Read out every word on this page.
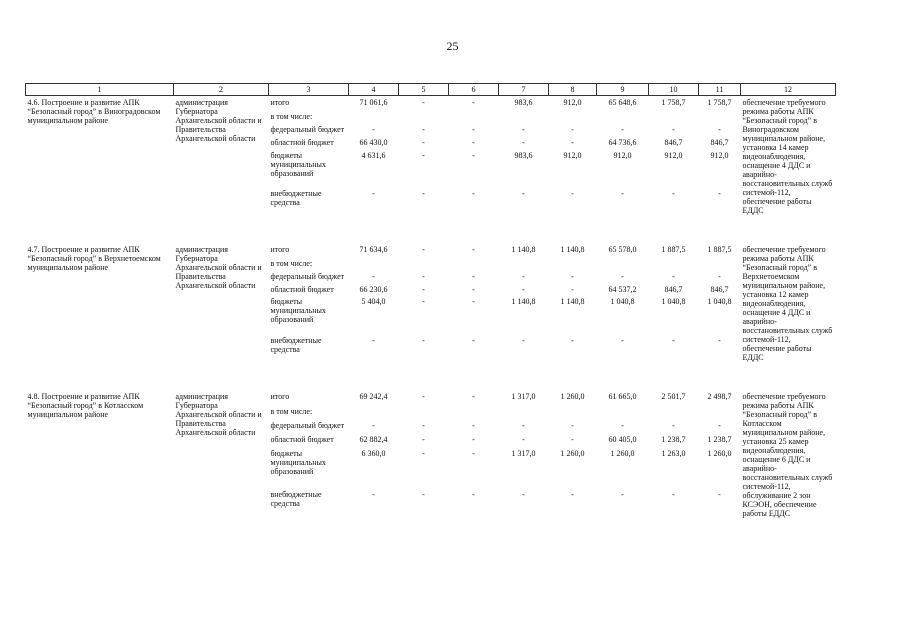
25
1	2	3	4	5	6	7	8	9	10	11	12
4.6. Построение и развитие АПК “Безопасный город” в Виноградовском муниципальном районе	администрация Губернатора Архангельской области и Правительства Архангельской области	итого	71 061,6	-	-	983,6	912,0	65 648,6	1 758,7	1 758,7	обеспечение требуемого режима работы АПК “Безопасный город” в Виноградовском муниципальном районе, установка 14 камер видеонаблюдения, оснащение 4 ДДС и аварийно-восстановительных служб системой-112, обеспечение работы ЕДДС
		в том числе:									
		федеральный бюджет	-	-	-	-	-	-	-	-	
		областной бюджет	66 430,0	-	-	-	-	64 736,6	846,7	846,7	
		бюджеты муниципальных образований	4 631,6	-	-	983,6	912,0	912,0	912,0	912,0	
		внебюджетные средства	-	-	-	-	-	-	-	-	

4.7. Построение и развитие АПК “Безопасный город” в Верхнетоемском муниципальном районе	администрация Губернатора Архангельской области и Правительства Архангельской области	итого	71 634,6	-	-	1 140,8	1 140,8	65 578,0	1 887,5	1 887,5	обеспечение требуемого режима работы АПК “Безопасный город” в Верхнетоемском муниципальном районе, установка 12 камер видеонаблюдения, оснащение 4 ДДС и аварийно-восстановительных служб системой-112, обеспечение работы ЕДДС
		в том числе:									
		федеральный бюджет	-	-	-	-	-	-	-	-	
		областной бюджет	66 230,6	-	-	-	-	64 537,2	846,7	846,7	
		бюджеты муниципальных образований	5 404,0	-	-	1 140,8	1 140,8	1 040,8	1 040,8	1 040,8	
		внебюджетные средства	-	-	-	-	-	-	-	-	

4.8. Построение и развитие АПК “Безопасный город” в Котласском муниципальном районе	администрация Губернатора Архангельской области и Правительства Архангельской области	итого	69 242,4	-	-	1 317,0	1 260,0	61 665,0	2 501,7	2 498,7	обеспечение требуемого режима работы АПК “Безопасный город” в Котласском муниципальном районе, установка 25 камер видеонаблюдения, оснащение 6 ДДС и аварийно-восстановительных служб системой-112, обслуживание 2 зон КСЭОН, обеспечение работы ЕДДС
		в том числе:									
		федеральный бюджет	-	-	-	-	-	-	-	-	
		областной бюджет	62 882,4	-	-	-	-	60 405,0	1 238,7	1 238,7	
		бюджеты муниципальных образований	6 360,0	-	-	1 317,0	1 260,0	1 260,0	1 263,0	1 260,0	
		внебюджетные средства	-	-	-	-	-	-	-	-	
